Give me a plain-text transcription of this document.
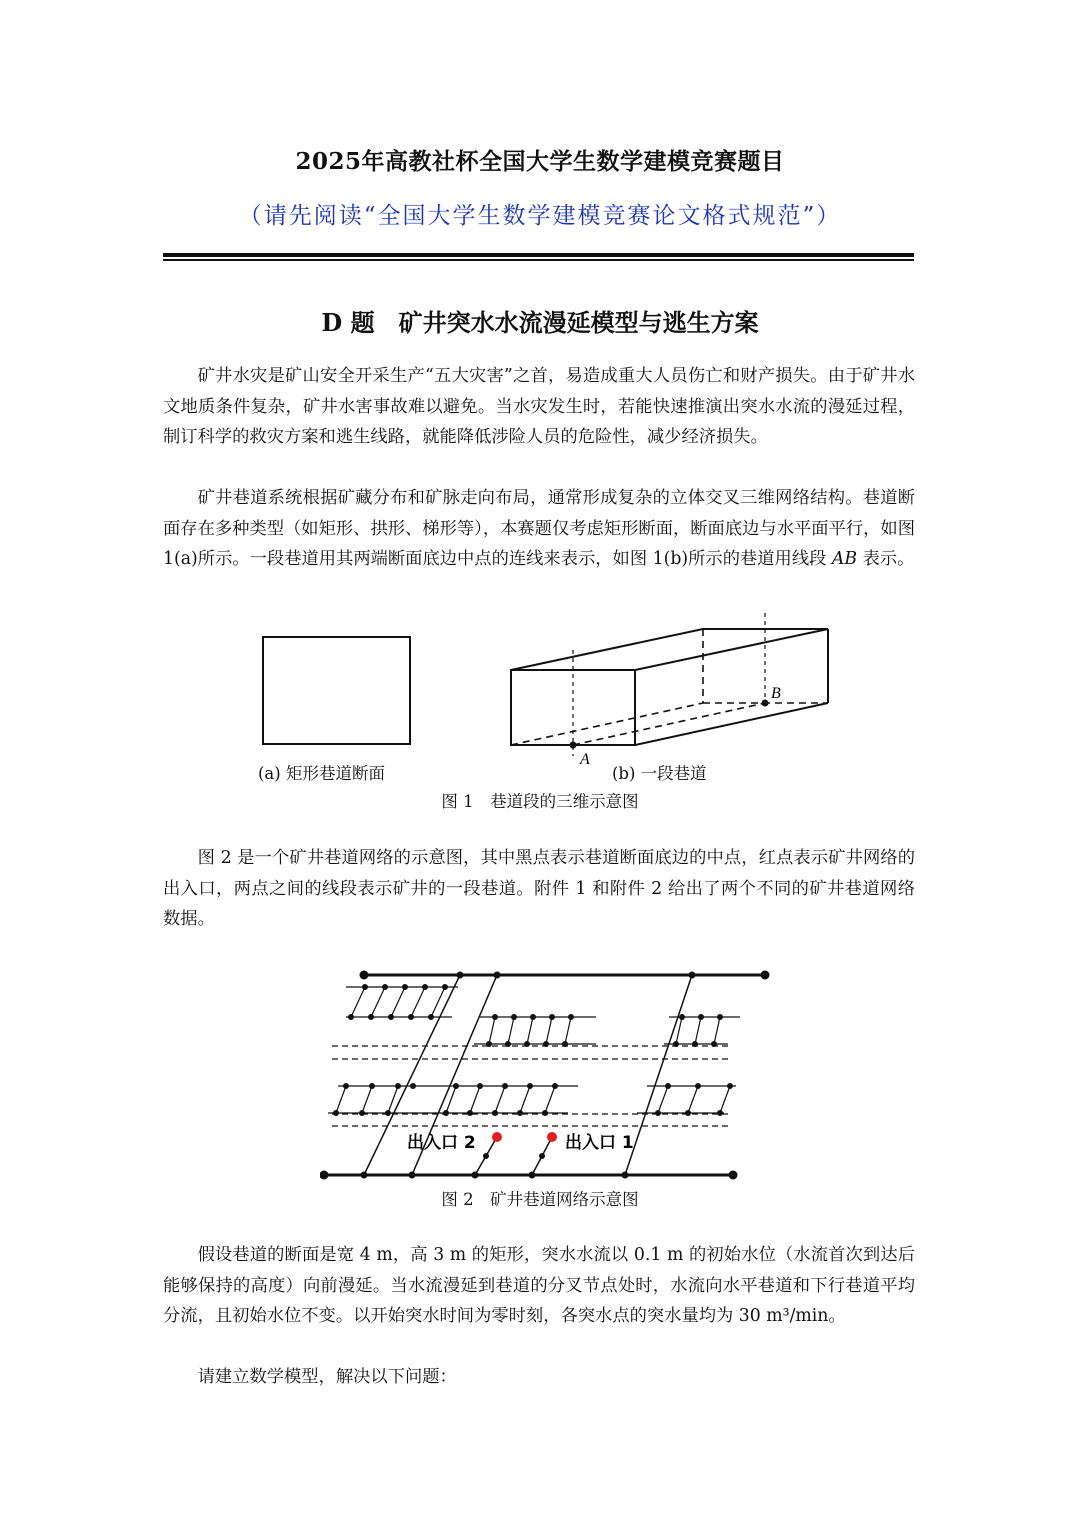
2025年高教社杯全国大学生数学建模竞赛题目
（请先阅读“全国大学生数学建模竞赛论文格式规范”）
D 题　矿井突水水流漫延模型与逃生方案

矿井水灾是矿山安全开采生产“五大灾害”之首，易造成重大人员伤亡和财产损失。由于矿井水文地质条件复杂，矿井水害事故难以避免。当水灾发生时，若能快速推演出突水水流的漫延过程，制订科学的救灾方案和逃生线路，就能降低涉险人员的危险性，减少经济损失。

矿井巷道系统根据矿藏分布和矿脉走向布局，通常形成复杂的立体交叉三维网络结构。巷道断面存在多种类型（如矩形、拱形、梯形等），本赛题仅考虑矩形断面，断面底边与水平面平行，如图 1(a)所示。一段巷道用其两端断面底边中点的连线来表示，如图 1(b)所示的巷道用线段 AB 表示。

A
B
(a) 矩形巷道断面	(b) 一段巷道
图 1　巷道段的三维示意图

图 2 是一个矿井巷道网络的示意图，其中黑点表示巷道断面底边的中点，红点表示矿井网络的出入口，两点之间的线段表示矿井的一段巷道。附件 1 和附件 2 给出了两个不同的矿井巷道网络数据。

出入口 2	出入口 1
图 2　矿井巷道网络示意图

假设巷道的断面是宽 4 m，高 3 m 的矩形，突水水流以 0.1 m 的初始水位（水流首次到达后能够保持的高度）向前漫延。当水流漫延到巷道的分叉节点处时，水流向水平巷道和下行巷道平均分流，且初始水位不变。以开始突水时间为零时刻，各突水点的突水量均为 30 m³/min。

请建立数学模型，解决以下问题：
